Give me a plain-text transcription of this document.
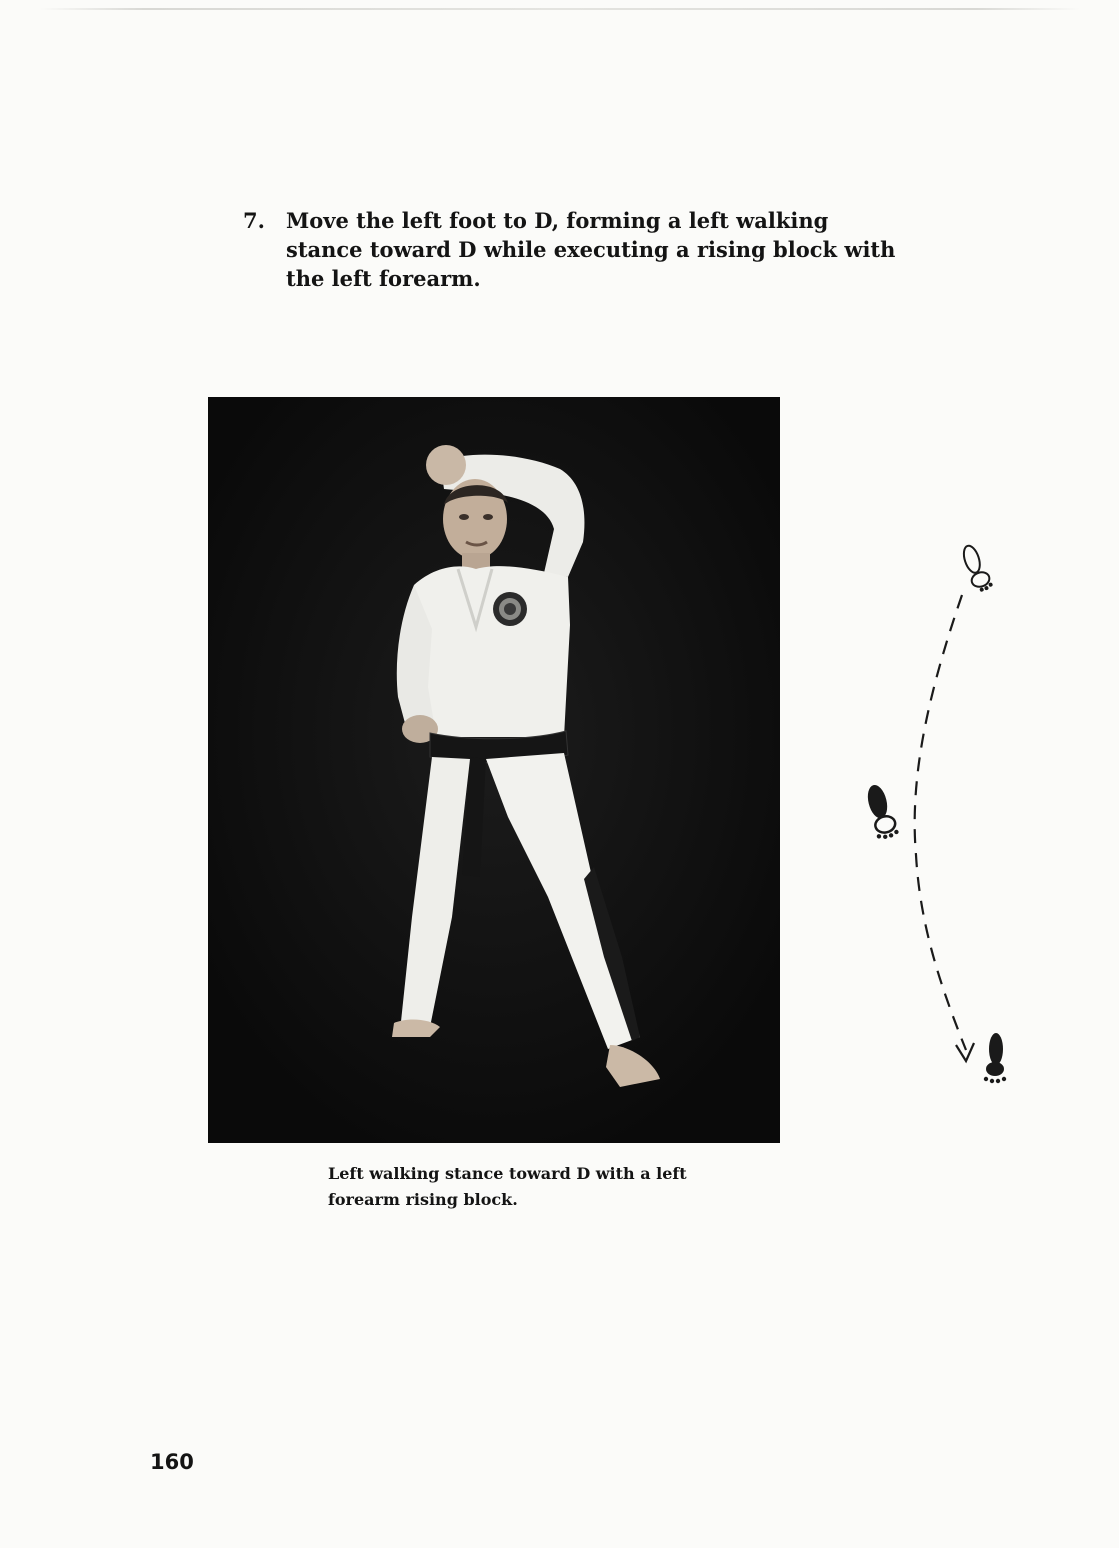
7. Move the left foot to D, forming a left walking stance toward D while executing a rising block with the left forearm.
Left walking stance toward D with a left forearm rising block.
160
